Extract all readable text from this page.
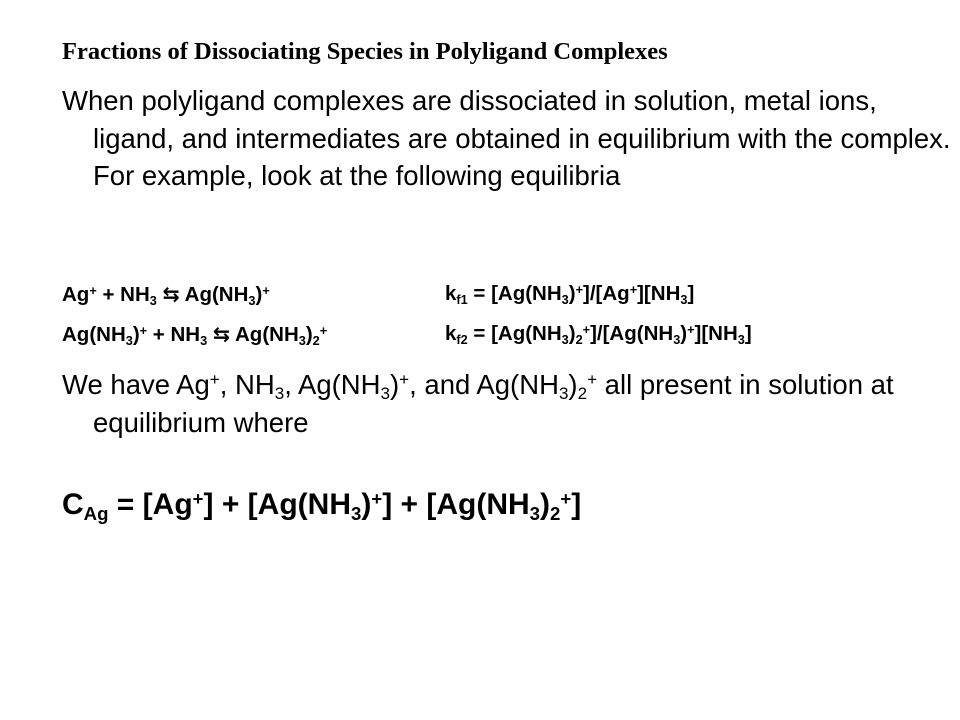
Fractions of Dissociating Species in Polyligand Complexes
When polyligand complexes are dissociated in solution, metal ions, ligand, and intermediates are obtained in equilibrium with the complex. For example, look at the following equilibria
$Ag^+ + NH_3$ ⇆ $Ag(NH_3)^+$	$k_{f1} = [Ag(NH_3)^+]/[Ag^+][NH_3]$
$Ag(NH_3)^+ + NH_3$ ⇆ $Ag(NH_3)_2^+$	$k_{f2} = [Ag(NH_3)_2^+]/[Ag(NH_3)^+][NH_3]$
We have Ag+, $NH_3$, $Ag(NH_3)^+$, and $Ag(NH_3)_2^+$ all present in solution at equilibrium where
$C_{Ag} = [Ag^+] + [Ag(NH_3)^+] + [Ag(NH_3)_2^+]$
